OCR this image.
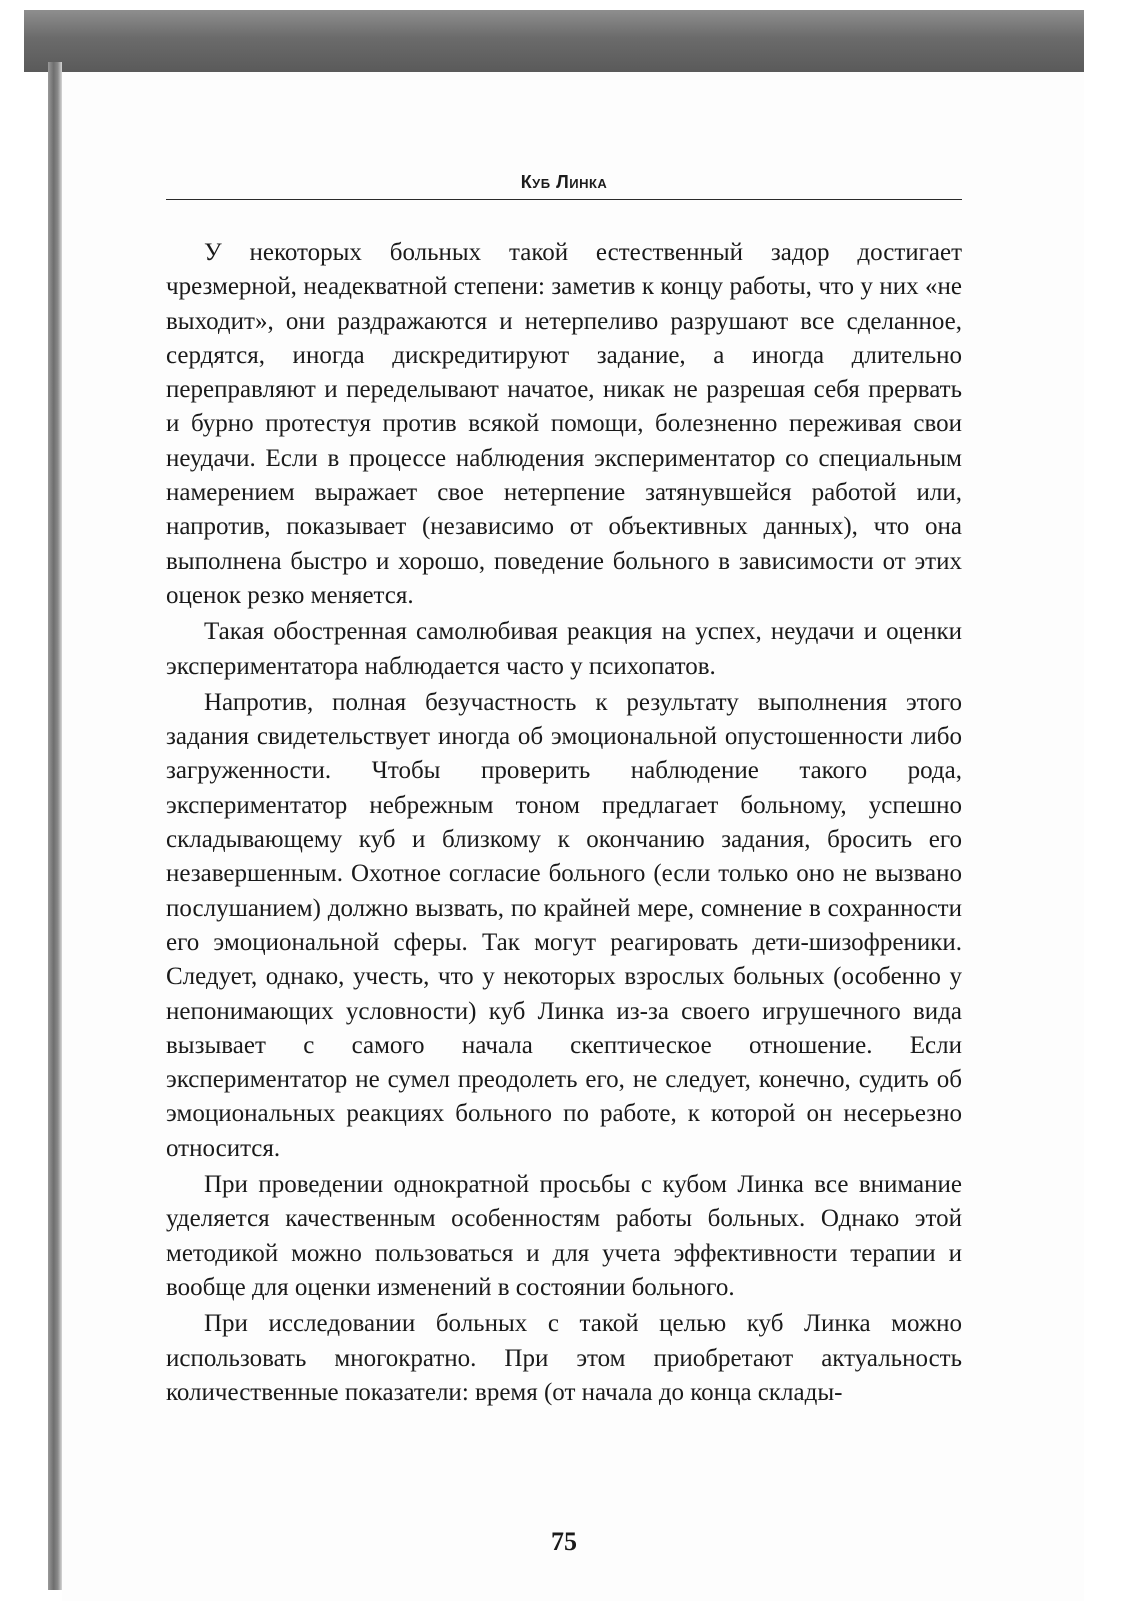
Куб Линка

У некоторых больных такой естественный задор достигает чрезмерной, неадекватной степени: заметив к концу работы, что у них «не выходит», они раздражаются и нетерпеливо разрушают все сделанное, сердятся, иногда дискредитируют задание, а иногда длительно переправляют и переделывают начатое, никак не разрешая себя прервать и бурно протестуя против всякой помощи, болезненно переживая свои неудачи. Если в процессе наблюдения экспериментатор со специальным намерением выражает свое нетерпение затянувшейся работой или, напротив, показывает (независимо от объективных данных), что она выполнена быстро и хорошо, поведение больного в зависимости от этих оценок резко меняется.

Такая обостренная самолюбивая реакция на успех, неудачи и оценки экспериментатора наблюдается часто у психопатов.

Напротив, полная безучастность к результату выполнения этого задания свидетельствует иногда об эмоциональной опустошенности либо загруженности. Чтобы проверить наблюдение такого рода, экспериментатор небрежным тоном предлагает больному, успешно складывающему куб и близкому к окончанию задания, бросить его незавершенным. Охотное согласие больного (если только оно не вызвано послушанием) должно вызвать, по крайней мере, сомнение в сохранности его эмоциональной сферы. Так могут реагировать дети-шизофреники. Следует, однако, учесть, что у некоторых взрослых больных (особенно у непонимающих условности) куб Линка из-за своего игрушечного вида вызывает с самого начала скептическое отношение. Если экспериментатор не сумел преодолеть его, не следует, конечно, судить об эмоциональных реакциях больного по работе, к которой он несерьезно относится.

При проведении однократной просьбы с кубом Линка все внимание уделяется качественным особенностям работы больных. Однако этой методикой можно пользоваться и для учета эффективности терапии и вообще для оценки изменений в состоянии больного.

При исследовании больных с такой целью куб Линка можно использовать многократно. При этом приобретают актуальность количественные показатели: время (от начала до конца склады-

75
